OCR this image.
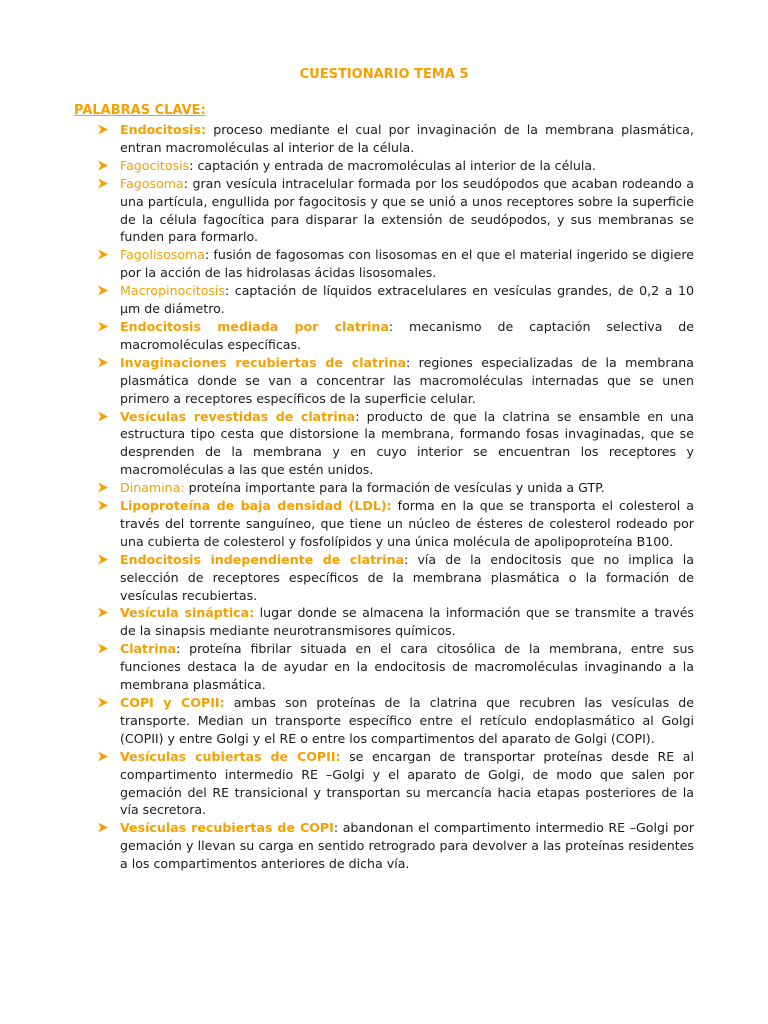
CUESTIONARIO TEMA 5
PALABRAS CLAVE:
Endocitosis: proceso mediante el cual por invaginación de la membrana plasmática, entran macromoléculas al interior de la célula.
Fagocitosis: captación y entrada de macromoléculas al interior de la célula.
Fagosoma: gran vesícula intracelular formada por los seudópodos que acaban rodeando a una partícula, engullida por fagocitosis y que se unió a unos receptores sobre la superficie de la célula fagocítica para disparar la extensión de seudópodos, y sus membranas se funden para formarlo.
Fagolisosoma: fusión de fagosomas con lisosomas en el que el material ingerido se digiere por la acción de las hidrolasas ácidas lisosomales.
Macropinocitosis: captación de líquidos extracelulares en vesículas grandes, de 0,2 a 10 μm de diámetro.
Endocitosis mediada por clatrina: mecanismo de captación selectiva de macromoléculas específicas.
Invaginaciones recubiertas de clatrina: regiones especializadas de la membrana plasmática donde se van a concentrar las macromoléculas internadas que se unen primero a receptores específicos de la superficie celular.
Vesículas revestidas de clatrina: producto de que la clatrina se ensamble en una estructura tipo cesta que distorsione la membrana, formando fosas invaginadas, que se desprenden de la membrana y en cuyo interior se encuentran los receptores y macromoléculas a las que estén unidos.
Dinamina: proteína importante para la formación de vesículas y unida a GTP.
Lipoproteína de baja densidad (LDL): forma en la que se transporta el colesterol a través del torrente sanguíneo, que tiene un núcleo de ésteres de colesterol rodeado por una cubierta de colesterol y fosfolípidos y una única molécula de apolipoproteína B100.
Endocitosis independiente de clatrina: vía de la endocitosis que no implica la selección de receptores específicos de la membrana plasmática o la formación de vesículas recubiertas.
Vesícula sináptica: lugar donde se almacena la información que se transmite a través de la sinapsis mediante neurotransmisores químicos.
Clatrina: proteína fibrilar situada en el cara citosólica de la membrana, entre sus funciones destaca la de ayudar en la endocitosis de macromoléculas invaginando a la membrana plasmática.
COPI y COPII: ambas son proteínas de la clatrina que recubren las vesículas de transporte. Median un transporte específico entre el retículo endoplasmático al Golgi (COPII) y entre Golgi y el RE o entre los compartimentos del aparato de Golgi (COPI).
Vesículas cubiertas de COPII: se encargan de transportar proteínas desde RE al compartimento intermedio RE –Golgi y el aparato de Golgi, de modo que salen por gemación del RE transicional y transportan su mercancía hacia etapas posteriores de la vía secretora.
Vesículas recubiertas de COPI: abandonan el compartimento intermedio RE –Golgi por gemación y llevan su carga en sentido retrogrado para devolver a las proteínas residentes a los compartimentos anteriores de dicha vía.
